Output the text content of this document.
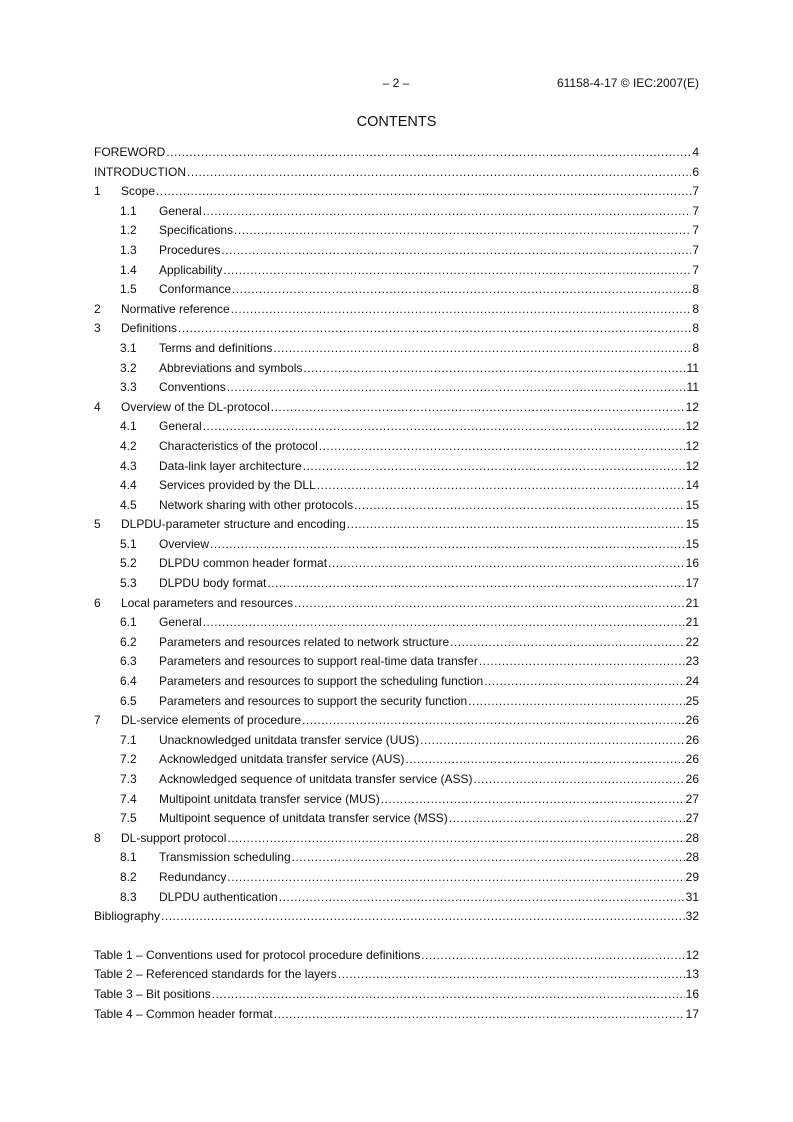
– 2 –	61158-4-17 © IEC:2007(E)
CONTENTS
FOREWORD .....	4
INTRODUCTION .....	6
1	Scope .....	7
1.1	General .....	7
1.2	Specifications .....	7
1.3	Procedures .....	7
1.4	Applicability .....	7
1.5	Conformance .....	8
2	Normative reference .....	8
3	Definitions .....	8
3.1	Terms and definitions .....	8
3.2	Abbreviations and symbols .....	11
3.3	Conventions .....	11
4	Overview of the DL-protocol .....	12
4.1	General .....	12
4.2	Characteristics of the protocol .....	12
4.3	Data-link layer architecture .....	12
4.4	Services provided by the DLL .....	14
4.5	Network sharing with other protocols .....	15
5	DLPDU-parameter structure and encoding .....	15
5.1	Overview .....	15
5.2	DLPDU common header format .....	16
5.3	DLPDU body format .....	17
6	Local parameters and resources .....	21
6.1	General .....	21
6.2	Parameters and resources related to network structure .....	22
6.3	Parameters and resources to support real-time data transfer .....	23
6.4	Parameters and resources to support the scheduling function .....	24
6.5	Parameters and resources to support the security function .....	25
7	DL-service elements of procedure .....	26
7.1	Unacknowledged unitdata transfer service (UUS) .....	26
7.2	Acknowledged unitdata transfer service (AUS) .....	26
7.3	Acknowledged sequence of unitdata transfer service (ASS) .....	26
7.4	Multipoint unitdata transfer service (MUS) .....	27
7.5	Multipoint sequence of unitdata transfer service (MSS) .....	27
8	DL-support protocol .....	28
8.1	Transmission scheduling .....	28
8.2	Redundancy .....	29
8.3	DLPDU authentication .....	31
Bibliography .....	32
Table 1 – Conventions used for protocol procedure definitions .....	12
Table 2 – Referenced standards for the layers .....	13
Table 3 – Bit positions .....	16
Table 4 – Common header format .....	17
